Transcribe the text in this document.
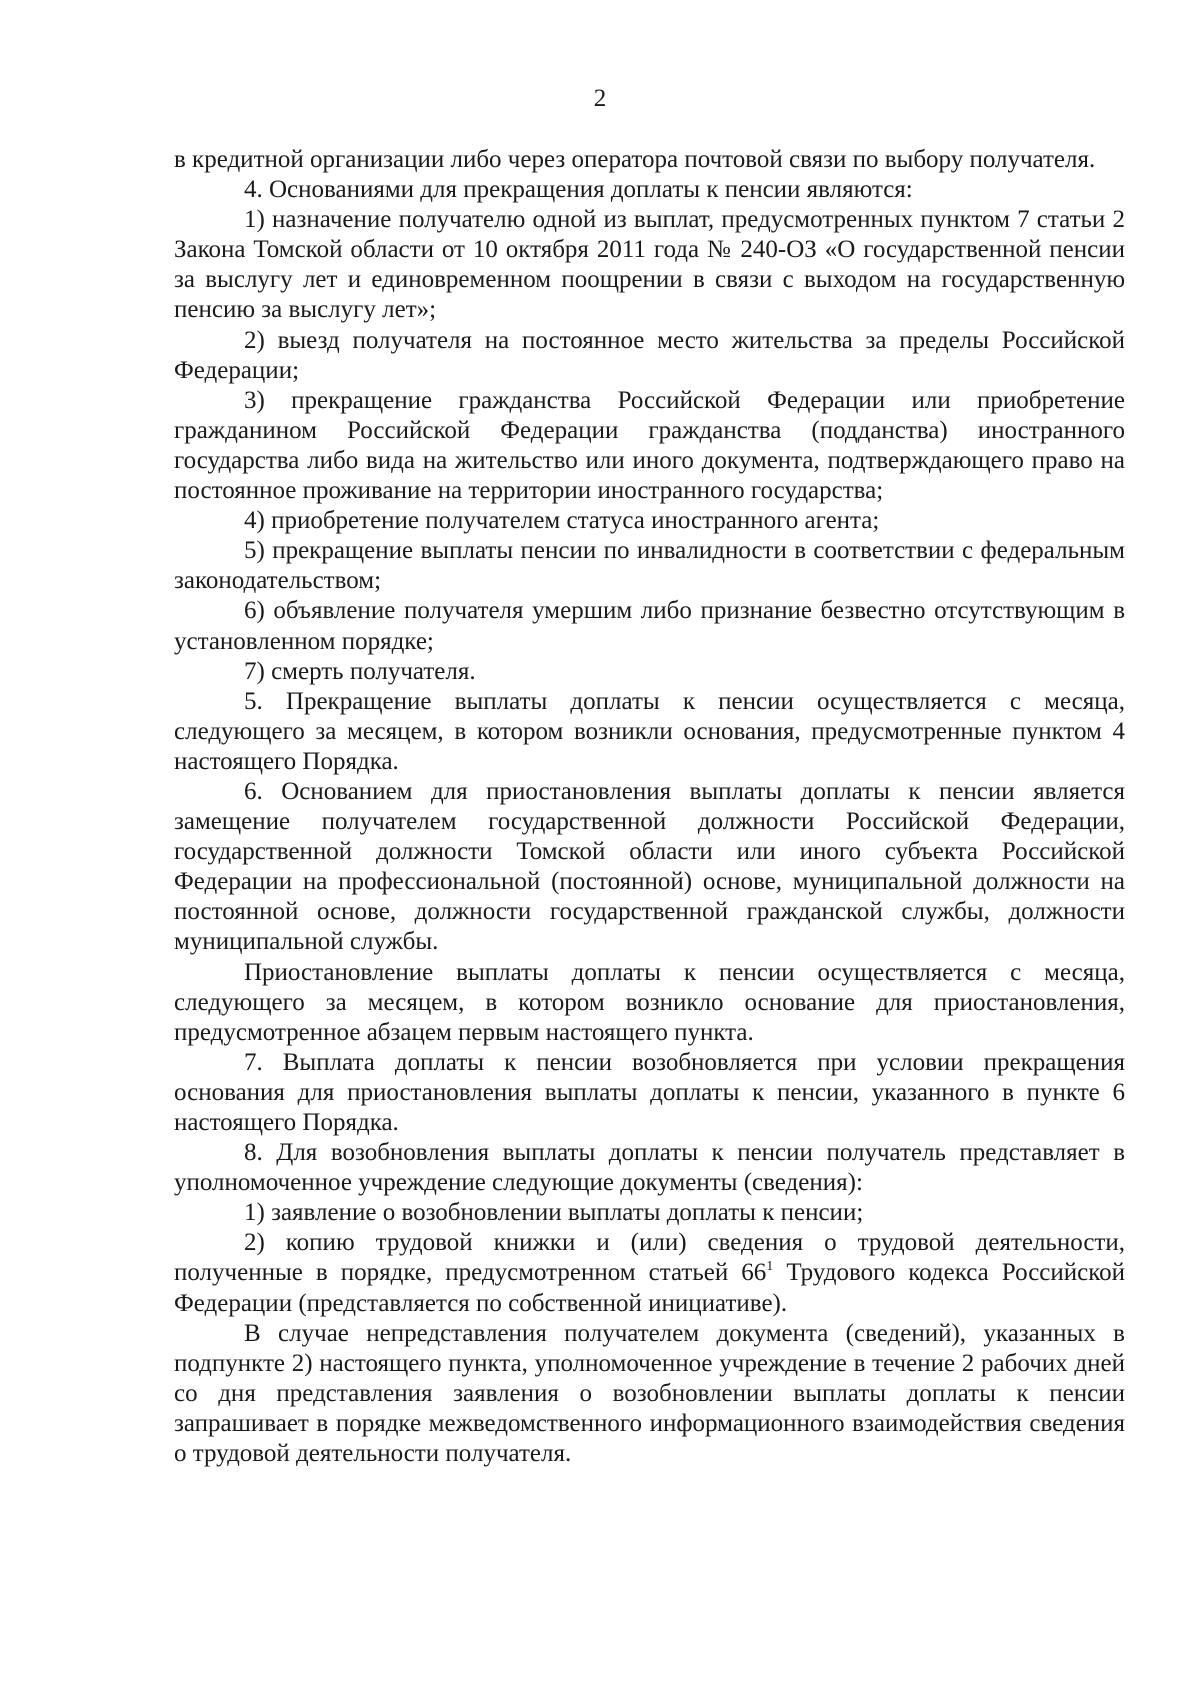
2

в кредитной организации либо через оператора почтовой связи по выбору получателя.

4. Основаниями для прекращения доплаты к пенсии являются:

1) назначение получателю одной из выплат, предусмотренных пунктом 7 статьи 2 Закона Томской области от 10 октября 2011 года № 240-ОЗ «О государственной пенсии за выслугу лет и единовременном поощрении в связи с выходом на государственную пенсию за выслугу лет»;

2) выезд получателя на постоянное место жительства за пределы Российской Федерации;

3) прекращение гражданства Российской Федерации или приобретение гражданином Российской Федерации гражданства (подданства) иностранного государства либо вида на жительство или иного документа, подтверждающего право на постоянное проживание на территории иностранного государства;

4) приобретение получателем статуса иностранного агента;

5) прекращение выплаты пенсии по инвалидности в соответствии с федеральным законодательством;

6) объявление получателя умершим либо признание безвестно отсутствующим в установленном порядке;

7) смерть получателя.

5. Прекращение выплаты доплаты к пенсии осуществляется с месяца, следующего за месяцем, в котором возникли основания, предусмотренные пунктом 4 настоящего Порядка.

6. Основанием для приостановления выплаты доплаты к пенсии является замещение получателем государственной должности Российской Федерации, государственной должности Томской области или иного субъекта Российской Федерации на профессиональной (постоянной) основе, муниципальной должности на постоянной основе, должности государственной гражданской службы, должности муниципальной службы.

Приостановление выплаты доплаты к пенсии осуществляется с месяца, следующего за месяцем, в котором возникло основание для приостановления, предусмотренное абзацем первым настоящего пункта.

7. Выплата доплаты к пенсии возобновляется при условии прекращения основания для приостановления выплаты доплаты к пенсии, указанного в пункте 6 настоящего Порядка.

8. Для возобновления выплаты доплаты к пенсии получатель представляет в уполномоченное учреждение следующие документы (сведения):

1) заявление о возобновлении выплаты доплаты к пенсии;

2) копию трудовой книжки и (или) сведения о трудовой деятельности, полученные в порядке, предусмотренном статьей $66^1$ Трудового кодекса Российской Федерации (представляется по собственной инициативе).

В случае непредставления получателем документа (сведений), указанных в подпункте 2) настоящего пункта, уполномоченное учреждение в течение 2 рабочих дней со дня представления заявления о возобновлении выплаты доплаты к пенсии запрашивает в порядке межведомственного информационного взаимодействия сведения о трудовой деятельности получателя.
